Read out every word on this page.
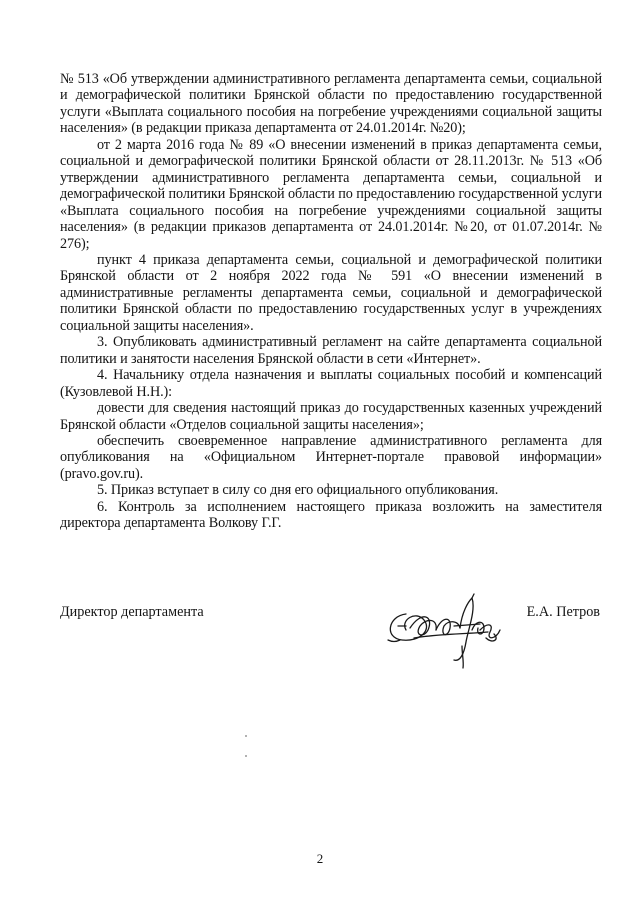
№ 513 «Об утверждении административного регламента департамента семьи, социальной и демографической политики Брянской области по предоставлению государственной услуги «Выплата социального пособия на погребение учреждениями социальной защиты населения» (в редакции приказа департамента от 24.01.2014г. №20);

от 2 марта 2016 года № 89 «О внесении изменений в приказ департамента семьи, социальной и демографической политики Брянской области от 28.11.2013г. № 513 «Об утверждении административного регламента департамента семьи, социальной и демографической политики Брянской области по предоставлению государственной услуги «Выплата социального пособия на погребение учреждениями социальной защиты населения» (в редакции приказов департамента от 24.01.2014г. №20, от 01.07.2014г. № 276);

пункт 4 приказа департамента семьи, социальной и демографической политики Брянской области от 2 ноября 2022 года № 591 «О внесении изменений в административные регламенты департамента семьи, социальной и демографической политики Брянской области по предоставлению государственных услуг в учреждениях социальной защиты населения».

3. Опубликовать административный регламент на сайте департамента социальной политики и занятости населения Брянской области в сети «Интернет».

4. Начальнику отдела назначения и выплаты социальных пособий и компенсаций (Кузовлевой Н.Н.):

довести для сведения настоящий приказ до государственных казенных учреждений Брянской области «Отделов социальной защиты населения»;

обеспечить своевременное направление административного регламента для опубликования на «Официальном Интернет-портале правовой информации» (pravo.gov.ru).

5. Приказ вступает в силу со дня его официального опубликования.

6. Контроль за исполнением настоящего приказа возложить на заместителя директора департамента Волкову Г.Г.

Директор департамента	Е.А. Петров
2
